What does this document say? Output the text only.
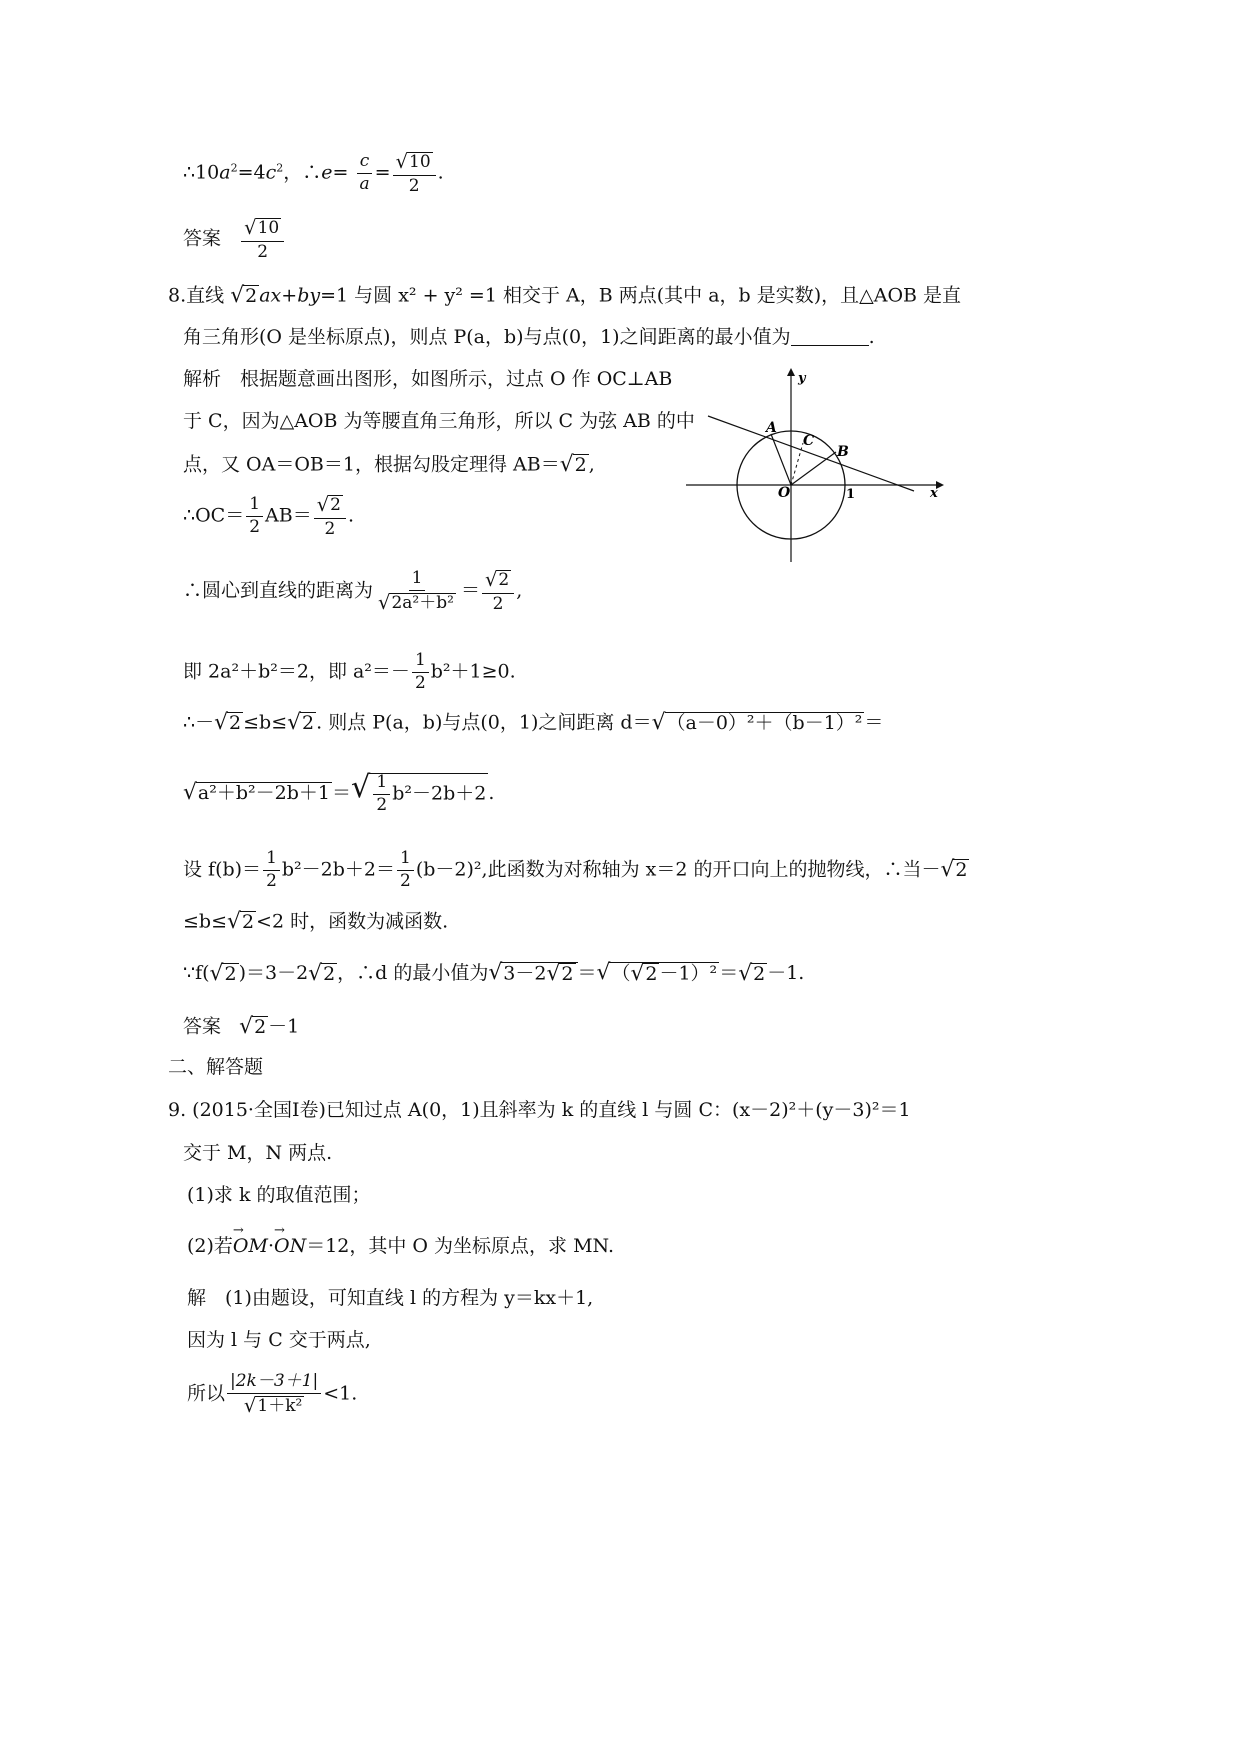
$\therefore 10a^2=4c^2$，∴e= $\frac{c}{a} = \frac{√ 10}{2}$ .
答案 $\frac{√ 10}{2}$
8.直线 √ 2 ax+by=1 与圆 x² + y² =1 相交于 A，B 两点(其中 a，b 是实数)，且△AOB 是直
角三角形(O 是坐标原点)，则点 P(a，b)与点(0，1)之间距离的最小值为	.
解析　根据题意画出图形，如图所示，过点 O 作 OC⊥AB
于 C，因为△AOB 为等腰直角三角形，所以 C 为弦 AB 的中
点，又 OA＝OB＝1，根据勾股定理得 AB＝ √ 2 ,
∴OC＝ $\frac{1}{2} AB= \frac{√ 2}{2}$ .
∴圆心到直线的距离为 $\frac{1}{\text{√ 2a²＋b²}} = \frac{√ 2}{2}$ ,
即 2a²＋b²＝2，即 $a^2=- \frac{1}{2} b^2+1\ge 0$.
∴－ √ 2 ≤b≤ √ 2 . 则点 P(a，b)与点(0，1)之间距离 d＝ √ （a－0）²＋（b－1）² ＝
√ a²＋b²－2b＋1 ＝ √ $\frac{1}{2} b^2-2b+2$ .
设 $f(b)= \frac{1}{2} b^2-2b+2= \frac{1}{2} (b-2)^2$,此函数为对称轴为 x＝2 的开口向上的抛物线，∴当－ √ 2
≤b≤ √ 2 <2 时，函数为减函数.
∵f( √ 2 )＝3－2 √ 2 ，∴d 的最小值为 √ 3－2 √ 2 ＝ √ （ √ 2 －1）² ＝ √ 2 －1.
答案 √ 2 －1
y
x
A
B
C
O	1
二、解答题
9. (2015·全国Ⅰ卷)已知过点 A(0，1)且斜率为 k 的直线 l 与圆 C：(x－2)²＋(y－3)²＝1
交于 M，N 两点.
(1)求 k 的取值范围；
(2)若→ OM·→ ON＝12，其中 O 为坐标原点，求 MN.
解　(1)由题设，可知直线 l 的方程为 y＝kx＋1,
因为 l 与 C 交于两点,
所以 $\frac{|2k-3+1|}{\text{√ 1＋k²}} <1$.
